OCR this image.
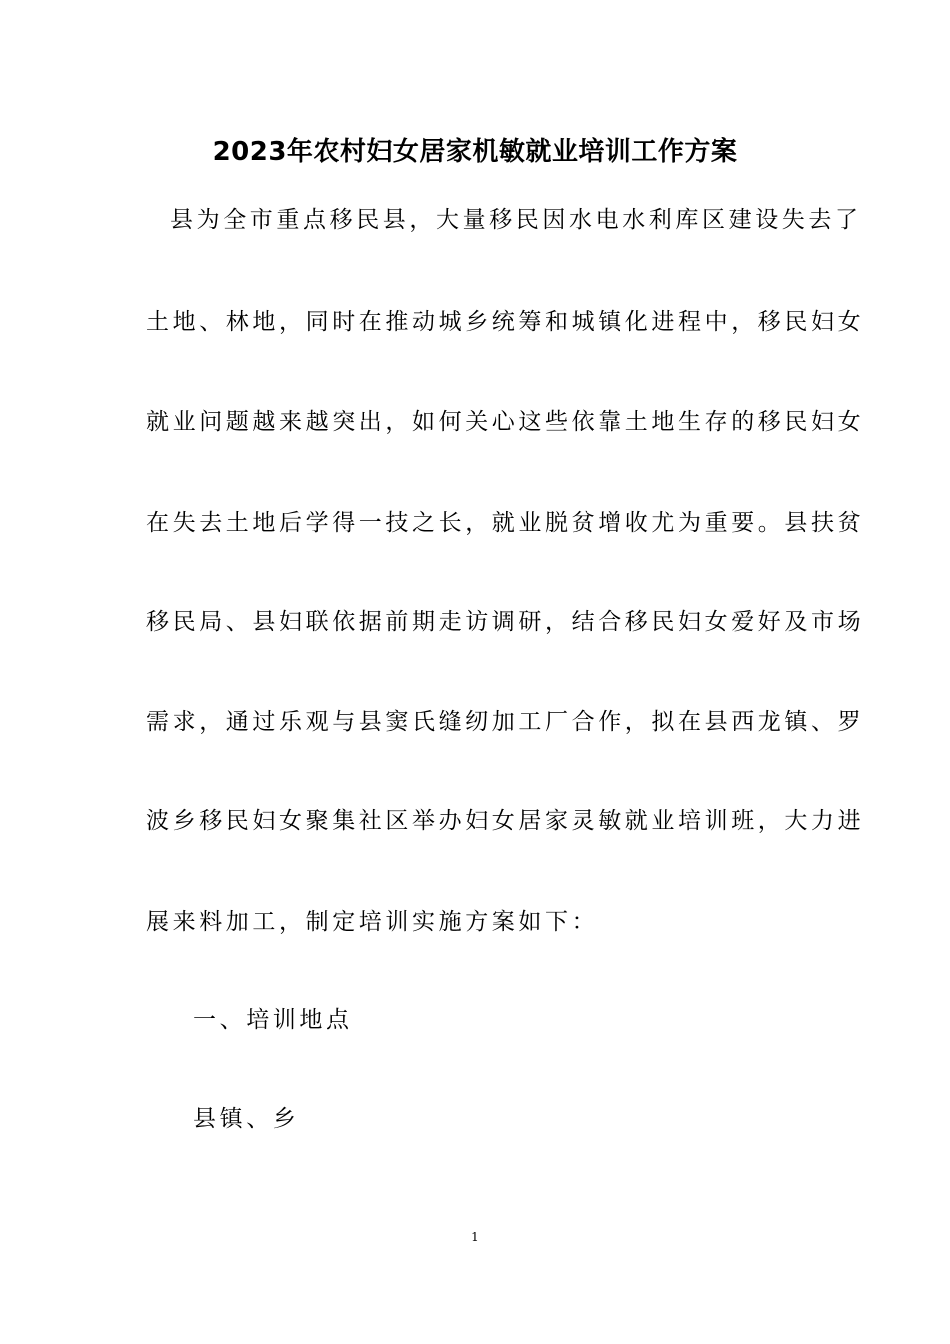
2023年农村妇女居家机敏就业培训工作方案

县为全市重点移民县，大量移民因水电水利库区建设失去了

土地、林地，同时在推动城乡统筹和城镇化进程中，移民妇女

就业问题越来越突出，如何关心这些依靠土地生存的移民妇女

在失去土地后学得一技之长，就业脱贫增收尤为重要。县扶贫

移民局、县妇联依据前期走访调研，结合移民妇女爱好及市场

需求，通过乐观与县窦氏缝纫加工厂合作，拟在县西龙镇、罗

波乡移民妇女聚集社区举办妇女居家灵敏就业培训班，大力进

展来料加工，制定培训实施方案如下：

一、培训地点

县镇、乡

1
